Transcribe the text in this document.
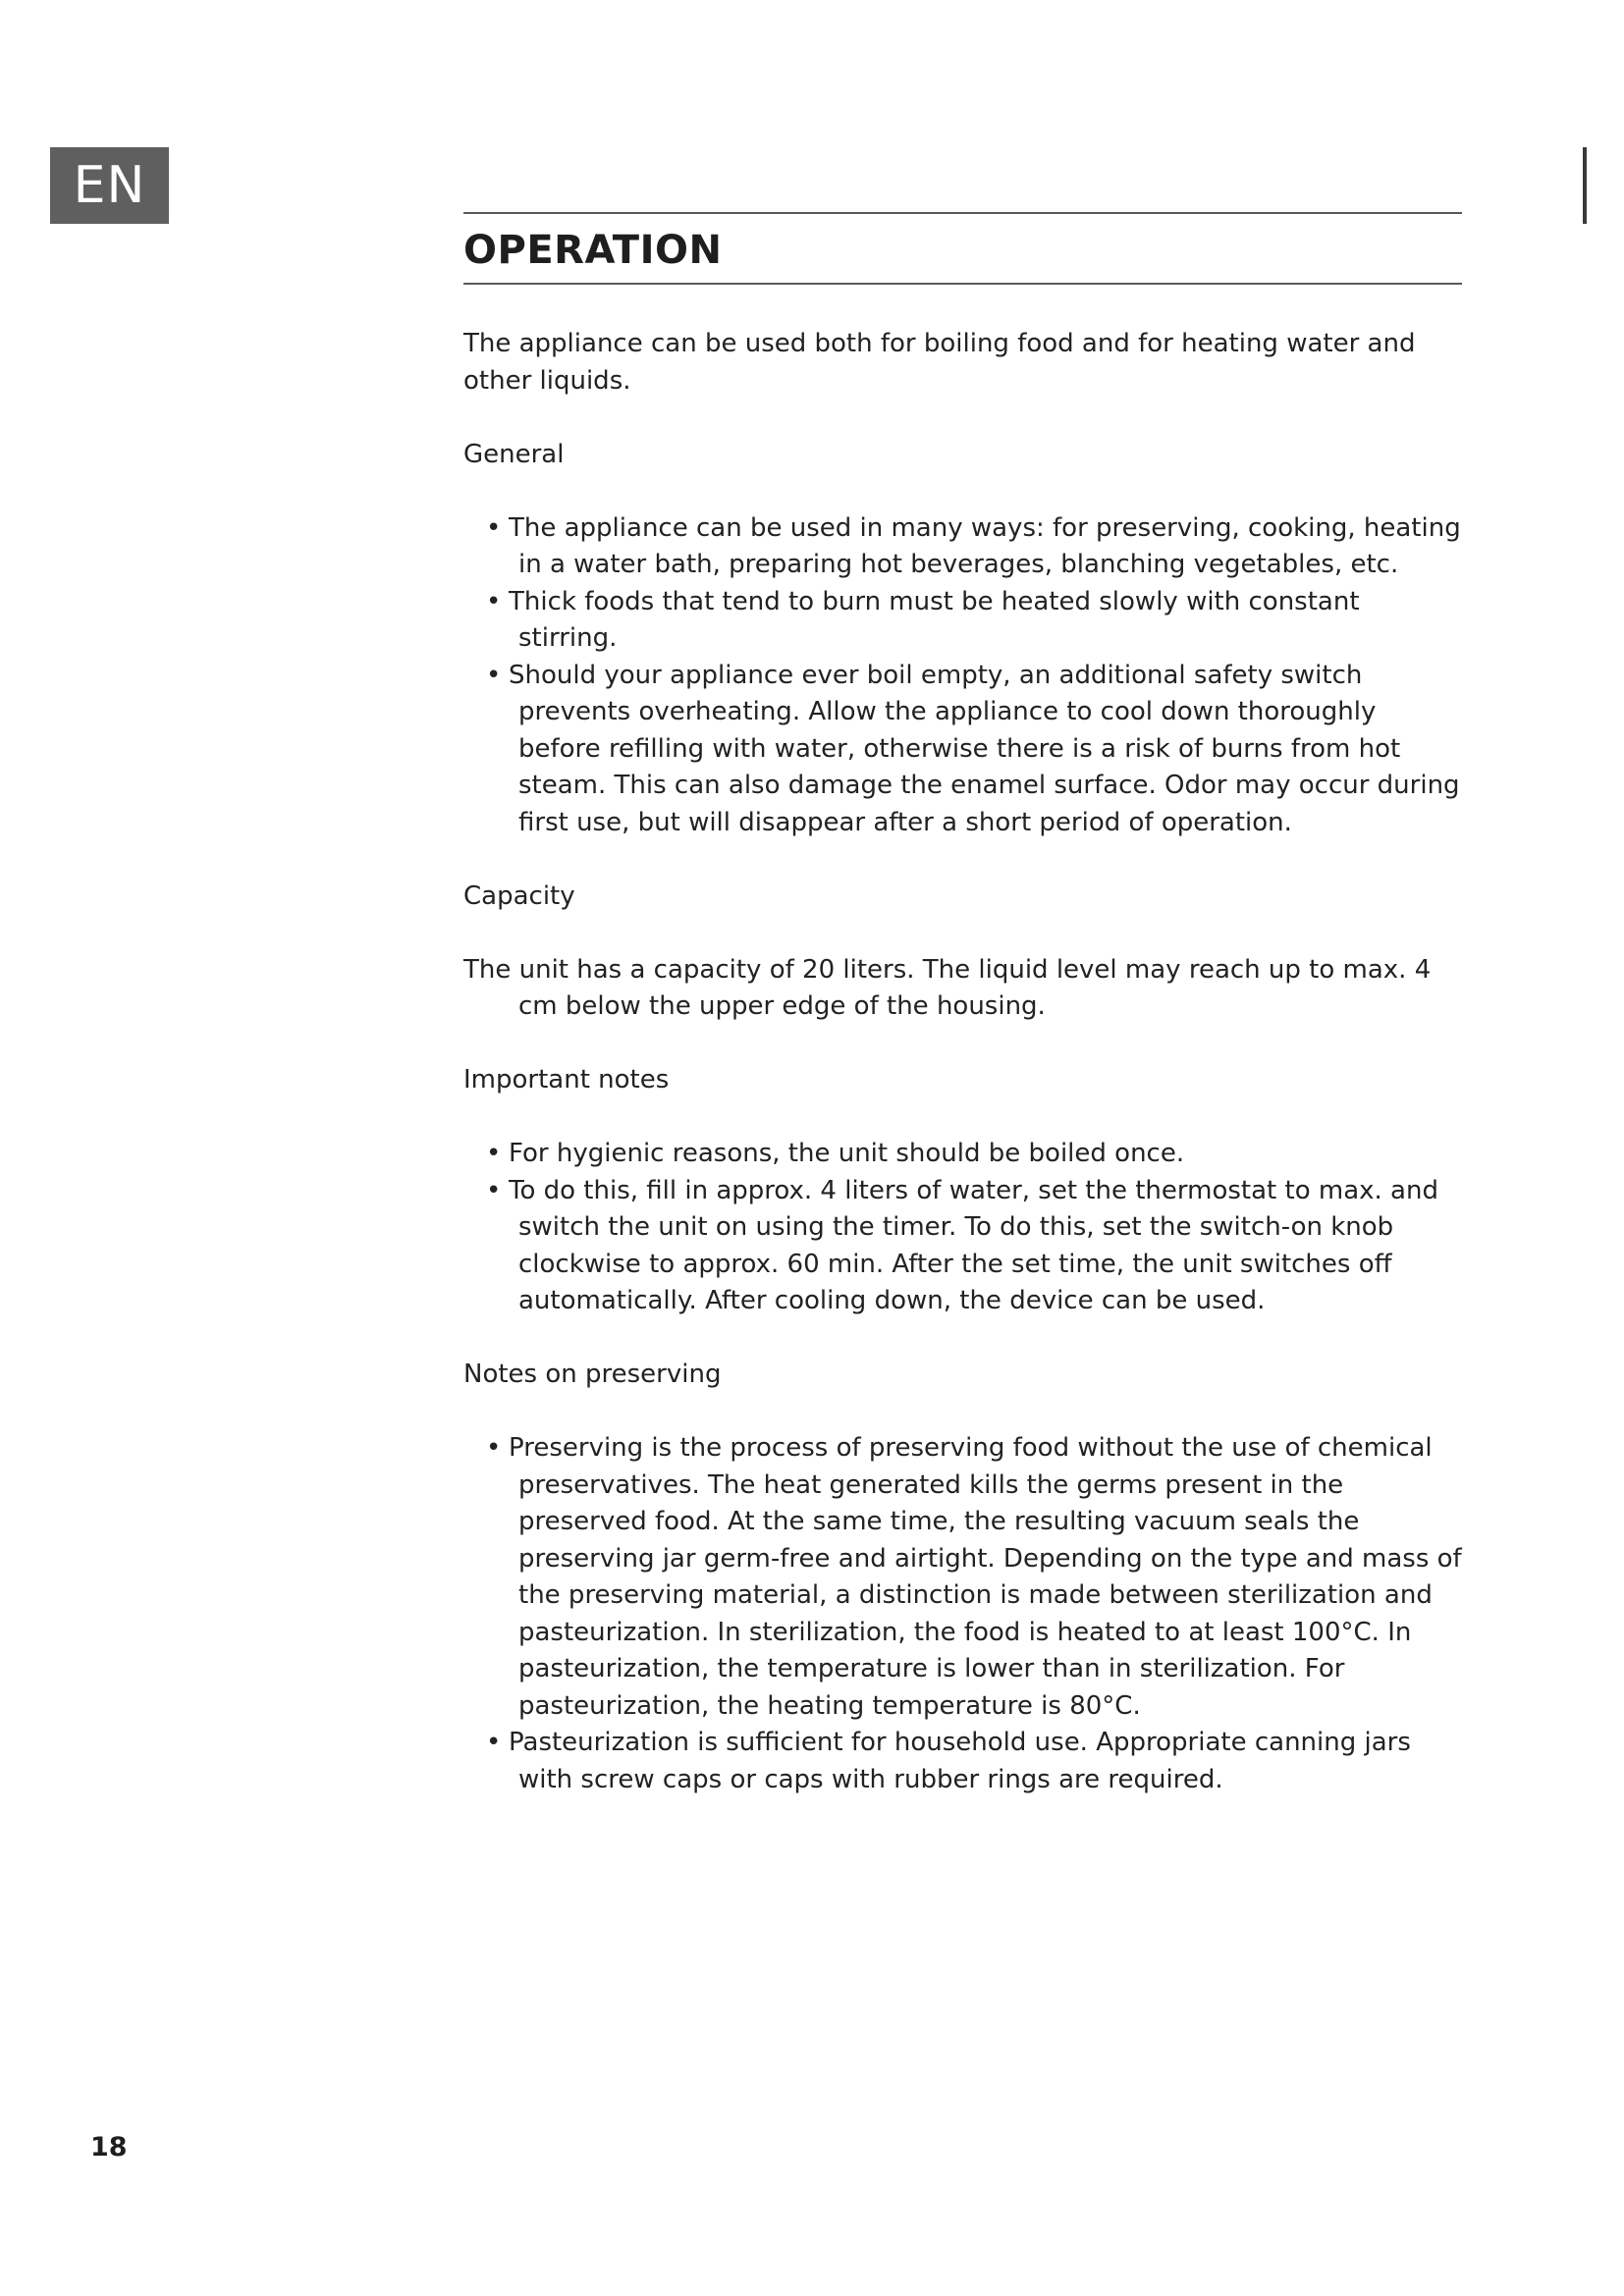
EN
OPERATION

The appliance can be used both for boiling food and for heating water and other liquids.

General

• The appliance can be used in many ways: for preserving, cooking, heating in a water bath, preparing hot beverages, blanching vegetables, etc.
• Thick foods that tend to burn must be heated slowly with constant stirring.
• Should your appliance ever boil empty, an additional safety switch prevents overheating. Allow the appliance to cool down thoroughly before refilling with water, otherwise there is a risk of burns from hot steam. This can also damage the enamel surface. Odor may occur during first use, but will disappear after a short period of operation.

Capacity

The unit has a capacity of 20 liters. The liquid level may reach up to max. 4 cm below the upper edge of the housing.

Important notes

• For hygienic reasons, the unit should be boiled once.
• To do this, fill in approx. 4 liters of water, set the thermostat to max. and switch the unit on using the timer. To do this, set the switch-on knob clockwise to approx. 60 min. After the set time, the unit switches off automatically. After cooling down, the device can be used.

Notes on preserving

• Preserving is the process of preserving food without the use of chemical preservatives. The heat generated kills the germs present in the preserved food. At the same time, the resulting vacuum seals the preserving jar germ-free and airtight. Depending on the type and mass of the preserving material, a distinction is made between sterilization and pasteurization. In sterilization, the food is heated to at least 100°C. In pasteurization, the temperature is lower than in sterilization. For pasteurization, the heating temperature is 80°C.
• Pasteurization is sufficient for household use. Appropriate canning jars with screw caps or caps with rubber rings are required.
18
